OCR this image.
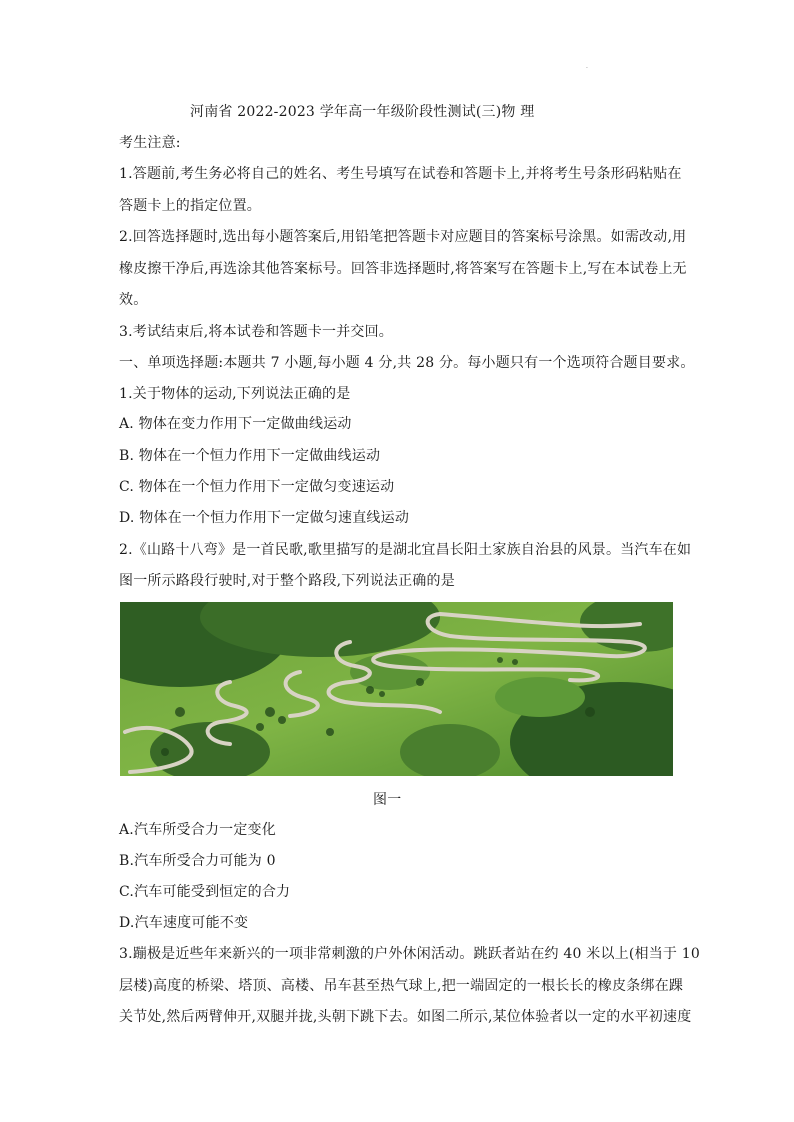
.
河南省 2022-2023 学年高一年级阶段性测试(三)物 理
考生注意:
1.答题前,考生务必将自己的姓名、考生号填写在试卷和答题卡上,并将考生号条形码粘贴在
答题卡上的指定位置。
2.回答选择题时,选出每小题答案后,用铅笔把答题卡对应题目的答案标号涂黑。如需改动,用
橡皮擦干净后,再选涂其他答案标号。回答非选择题时,将答案写在答题卡上,写在本试卷上无
效。
3.考试结束后,将本试卷和答题卡一并交回。
一、单项选择题:本题共 7 小题,每小题 4 分,共 28 分。每小题只有一个选项符合题目要求。
1.关于物体的运动,下列说法正确的是
A. 物体在变力作用下一定做曲线运动
B. 物体在一个恒力作用下一定做曲线运动
C. 物体在一个恒力作用下一定做匀变速运动
D. 物体在一个恒力作用下一定做匀速直线运动
2.《山路十八弯》是一首民歌,歌里描写的是湖北宜昌长阳土家族自治县的风景。当汽车在如
图一所示路段行驶时,对于整个路段,下列说法正确的是
图一
A.汽车所受合力一定变化
B.汽车所受合力可能为 0
C.汽车可能受到恒定的合力
D.汽车速度可能不变
3.蹦极是近些年来新兴的一项非常刺激的户外休闲活动。跳跃者站在约 40 米以上(相当于 10
层楼)高度的桥梁、塔顶、高楼、吊车甚至热气球上,把一端固定的一根长长的橡皮条绑在踝
关节处,然后两臂伸开,双腿并拢,头朝下跳下去。如图二所示,某位体验者以一定的水平初速度
